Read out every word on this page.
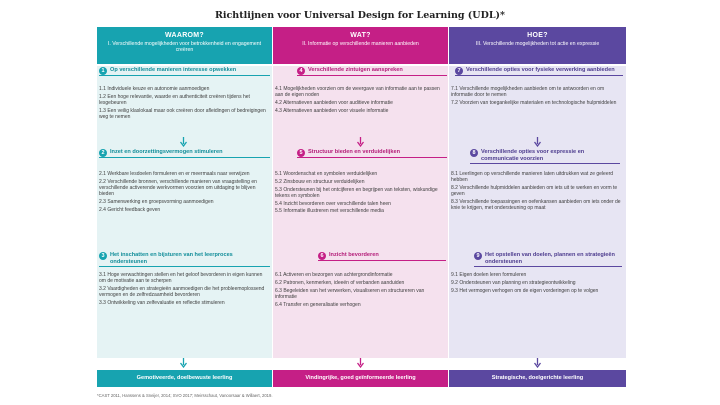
Richtlijnen voor Universal Design for Learning (UDL)*
WAAROM?
I. Verschillende mogelijkheden voor betrokkenheid en engagement creëren
WAT?
II. Informatie op verschillende manieren aanbieden
HOE?
III. Verschillende mogelijkheden tot actie en expressie
1 Op verschillende manieren interesse opwekken
1.1 Individuele keuze en autonomie aanmoedigen
1.2 Een hoge relevantie, waarde en authenticiteit creëren tijdens het lesgebeuren
1.3 Een veilig klaslokaal maar ook creëren door afleidingen of bedreigingen weg te nemen
2 Inzet en doorzettingsvermogen stimuleren
2.1 Werkbare lesdoelen formuleren en er meermaals naar verwijzen
2.2 Verschillende bronnen, verschillende manieren van vraagstelling en verschillende activerende werkvormen voorzien om uitdaging te blijven bieden
2.3 Samenwerking en groepsvorming aanmoedigen
2.4 Gericht feedback geven
3 Het inschatten en bijsturen van het leerproces ondersteunen
3.1 Hoge verwachtingen stellen en het geloof bevorderen in eigen kunnen om de motivatie aan te scherpen
3.2 Vaardigheden en strategieën aanmoedigen die het probleemoplossend vermogen en de zelfredzaamheid bevorderen
3.3 Ontwikkeling van zelfevaluatie en reflectie stimuleren
4 Verschillende zintuigen aanspreken
4.1 Mogelijkheden voorzien om de weergave van informatie aan te passen aan de eigen noden
4.2 Alternatieven aanbieden voor auditieve informatie
4.3 Alternatieven aanbieden voor visuele informatie
5 Structuur bieden en verduidelijken
5.1 Woordenschat en symbolen verduidelijken
5.2 Zinsbouw en structuur verduidelijken
5.3 Ondersteunen bij het ontcijferen en begrijpen van teksten, wiskundige tekens en symbolen
5.4 Inzicht bevorderen over verschillende talen heen
5.5 Informatie illustreren met verschillende media
6 Inzicht bevorderen
6.1 Activeren en bezorgen van achtergrondinformatie
6.2 Patronen, kenmerken, ideeën of verbanden aanduiden
6.3 Begeleiden van het verwerken, visualiseren en structureren van informatie
6.4 Transfer en generalisatie verhogen
7 Verschillende opties voor fysieke verwerking aanbieden
7.1 Verschillende mogelijkheden aanbieden om te antwoorden en om informatie door te nemen
7.2 Voorzien van toegankelijke materialen en technologische hulpmiddelen
8 Verschillende opties voor expressie en communicatie voorzien
8.1 Leerlingen op verschillende manieren laten uitdrukken wat ze geleerd hebben
8.2 Verschillende hulpmiddelen aanbieden om iets uit te werken en vorm te geven
8.3 Verschillende toepassingen en oefenkansen aanbieden om iets onder de knie te krijgen, met ondersteuning op maat
9 Het opstellen van doelen, plannen en strategieën ondersteunen
9.1 Eigen doelen leren formuleren
9.2 Ondersteunen van planning en strategieontwikkeling
9.3 Het vermogen verhogen om de eigen vorderingen op te volgen
Gemotiveerde, doelbewuste leerling	Vindingrijke, goed geïnformeerde leerling	Strategische, doelgerichte leerling
*CAST 2011, Hanssens & Sneijer, 2014; SVO 2017; Meirsschaut, Vanoorsaar & Willaert, 2019.
